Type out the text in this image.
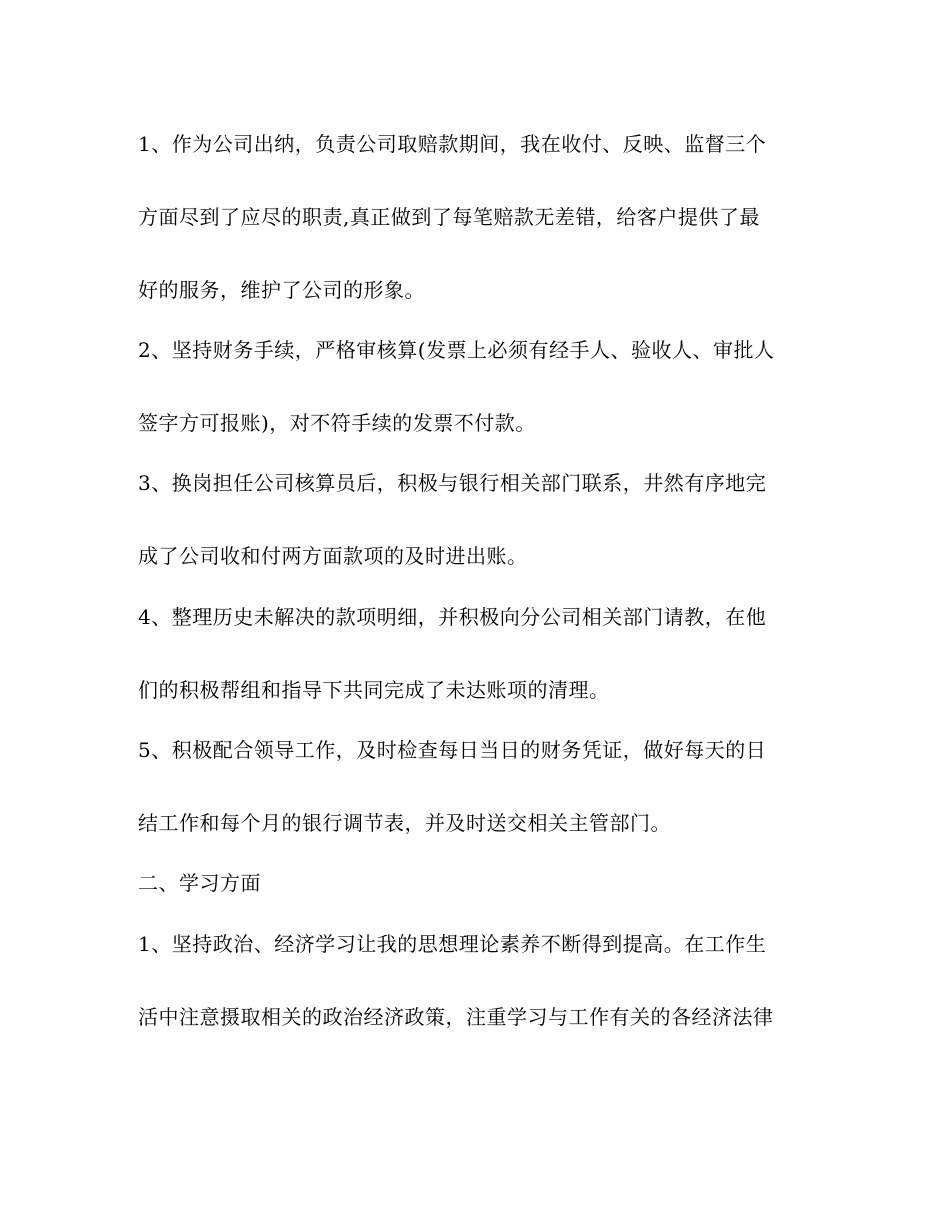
1、作为公司出纳，负责公司取赔款期间，我在收付、反映、监督三个
方面尽到了应尽的职责,真正做到了每笔赔款无差错，给客户提供了最
好的服务，维护了公司的形象。
2、坚持财务手续，严格审核算(发票上必须有经手人、验收人、审批人
签字方可报账)，对不符手续的发票不付款。
3、换岗担任公司核算员后，积极与银行相关部门联系，井然有序地完
成了公司收和付两方面款项的及时进出账。
4、整理历史未解决的款项明细，并积极向分公司相关部门请教，在他
们的积极帮组和指导下共同完成了未达账项的清理。
5、积极配合领导工作，及时检查每日当日的财务凭证，做好每天的日
结工作和每个月的银行调节表，并及时送交相关主管部门。
二、学习方面
1、坚持政治、经济学习让我的思想理论素养不断得到提高。在工作生
活中注意摄取相关的政治经济政策，注重学习与工作有关的各经济法律
